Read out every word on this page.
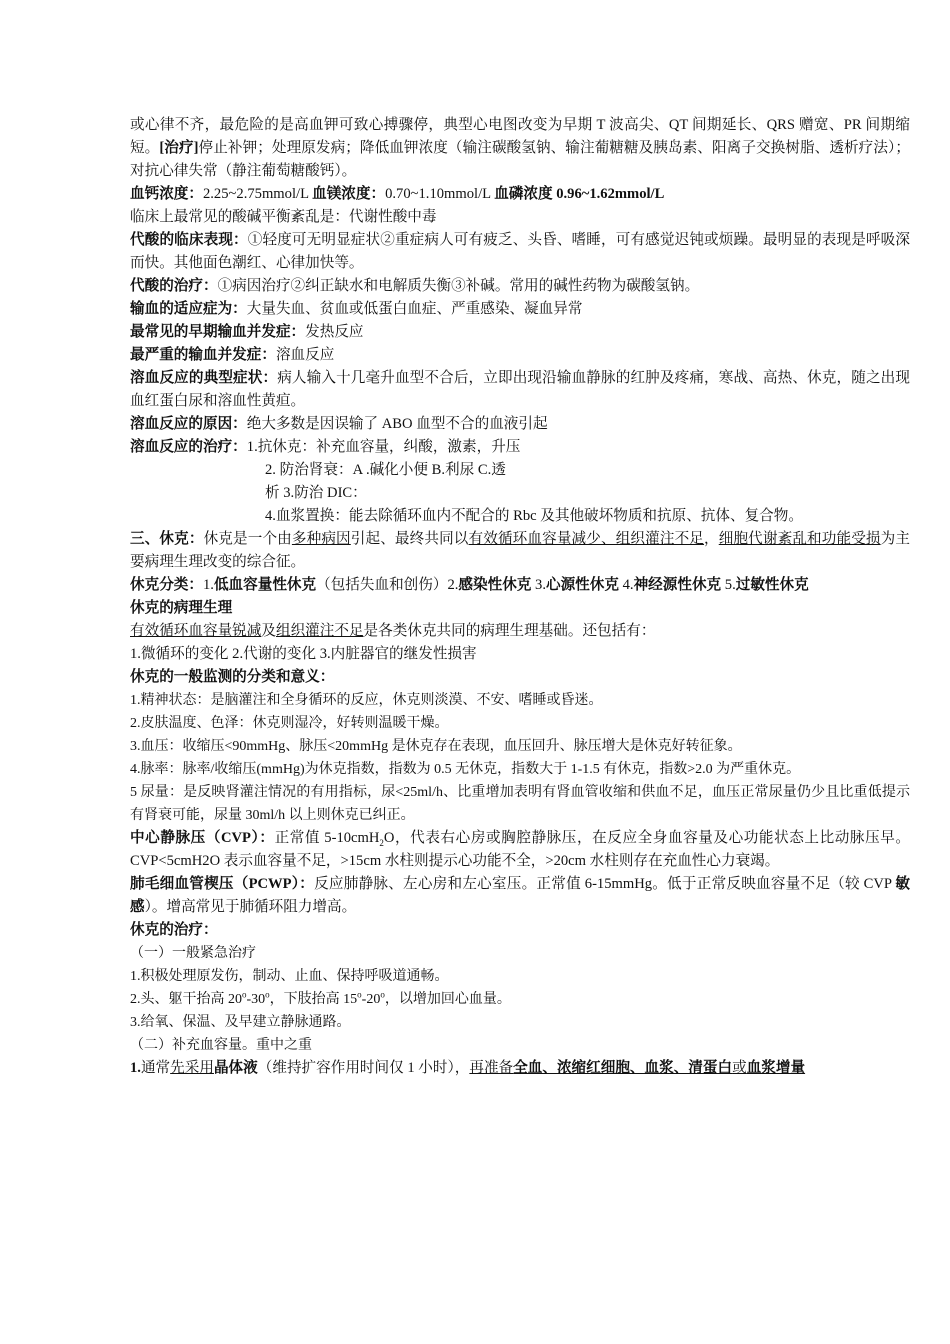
或心律不齐，最危险的是高血钾可致心搏骤停，典型心电图改变为早期 T 波高尖、QT 间期延长、QRS 赠宽、PR 间期缩短。[治疗]停止补钾；处理原发病；降低血钾浓度（输注碳酸氢钠、输注葡糖糖及胰岛素、阳离子交换树脂、透析疗法）；对抗心律失常（静注葡萄糖酸钙）。

血钙浓度：2.25~2.75mmol/L 血镁浓度：0.70~1.10mmol/L 血磷浓度 0.96~1.62mmol/L

临床上最常见的酸碱平衡紊乱是：代谢性酸中毒

代酸的临床表现：①轻度可无明显症状②重症病人可有疲乏、头昏、嗜睡，可有感觉迟钝或烦躁。最明显的表现是呼吸深而快。其他面色潮红、心律加快等。

代酸的治疗：①病因治疗②纠正缺水和电解质失衡③补碱。常用的碱性药物为碳酸氢钠。

输血的适应症为：大量失血、贫血或低蛋白血症、严重感染、凝血异常

最常见的早期输血并发症：发热反应

最严重的输血并发症：溶血反应

溶血反应的典型症状：病人输入十几毫升血型不合后，立即出现沿输血静脉的红肿及疼痛，寒战、高热、休克，随之出现血红蛋白尿和溶血性黄疸。

溶血反应的原因：绝大多数是因误输了 ABO 血型不合的血液引起

溶血反应的治疗：1.抗休克：补充血容量，纠酸，激素，升压

2. 防治肾衰：A .碱化小便 B.利尿 C.透

析 3.防治 DIC：

4.血浆置换：能去除循环血内不配合的 Rbc 及其他破坏物质和抗原、抗体、复合物。

三、休克：休克是一个由多种病因引起、最终共同以有效循环血容量减少、组织灌注不足，细胞代谢紊乱和功能受损为主要病理生理改变的综合征。

休克分类：1.低血容量性休克（包括失血和创伤）2.感染性休克 3.心源性休克 4.神经源性休克 5.过敏性休克

休克的病理生理

有效循环血容量锐减及组织灌注不足是各类休克共同的病理生理基础。还包括有：

1.微循环的变化 2.代谢的变化 3.内脏器官的继发性损害

休克的一般监测的分类和意义：

1.精神状态：是脑灌注和全身循环的反应，休克则淡漠、不安、嗜睡或昏迷。

2.皮肤温度、色泽：休克则湿冷，好转则温暖干燥。

3.血压：收缩压<90mmHg、脉压<20mmHg 是休克存在表现，血压回升、脉压增大是休克好转征象。

4.脉率：脉率/收缩压(mmHg)为休克指数，指数为 0.5 无休克，指数大于 1-1.5 有休克，指数>2.0 为严重休克。

5 尿量：是反映肾灌注情况的有用指标，尿<25ml/h、比重增加表明有肾血管收缩和供血不足，血压正常尿量仍少且比重低提示有肾衰可能，尿量 30ml/h 以上则休克已纠正。

中心静脉压（CVP）：正常值 5-10cmH$_2$O，代表右心房或胸腔静脉压，在反应全身血容量及心功能状态上比动脉压早。CVP<5cmH2O 表示血容量不足，>15cm 水柱则提示心功能不全，>20cm 水柱则存在充血性心力衰竭。

肺毛细血管楔压（PCWP）：反应肺静脉、左心房和左心室压。正常值 6-15mmHg。低于正常反映血容量不足（较 CVP 敏感）。增高常见于肺循环阻力增高。

休克的治疗：

（一）一般紧急治疗

1.积极处理原发伤，制动、止血、保持呼吸道通畅。

2.头、躯干抬高 20$^o$-30$^o$，下肢抬高 15$^o$-20$^o$，以增加回心血量。

3.给氧、保温、及早建立静脉通路。

（二）补充血容量。重中之重

1.通常先采用晶体液（维持扩容作用时间仅 1 小时），再准备全血、浓缩红细胞、血浆、清蛋白或血浆增量
